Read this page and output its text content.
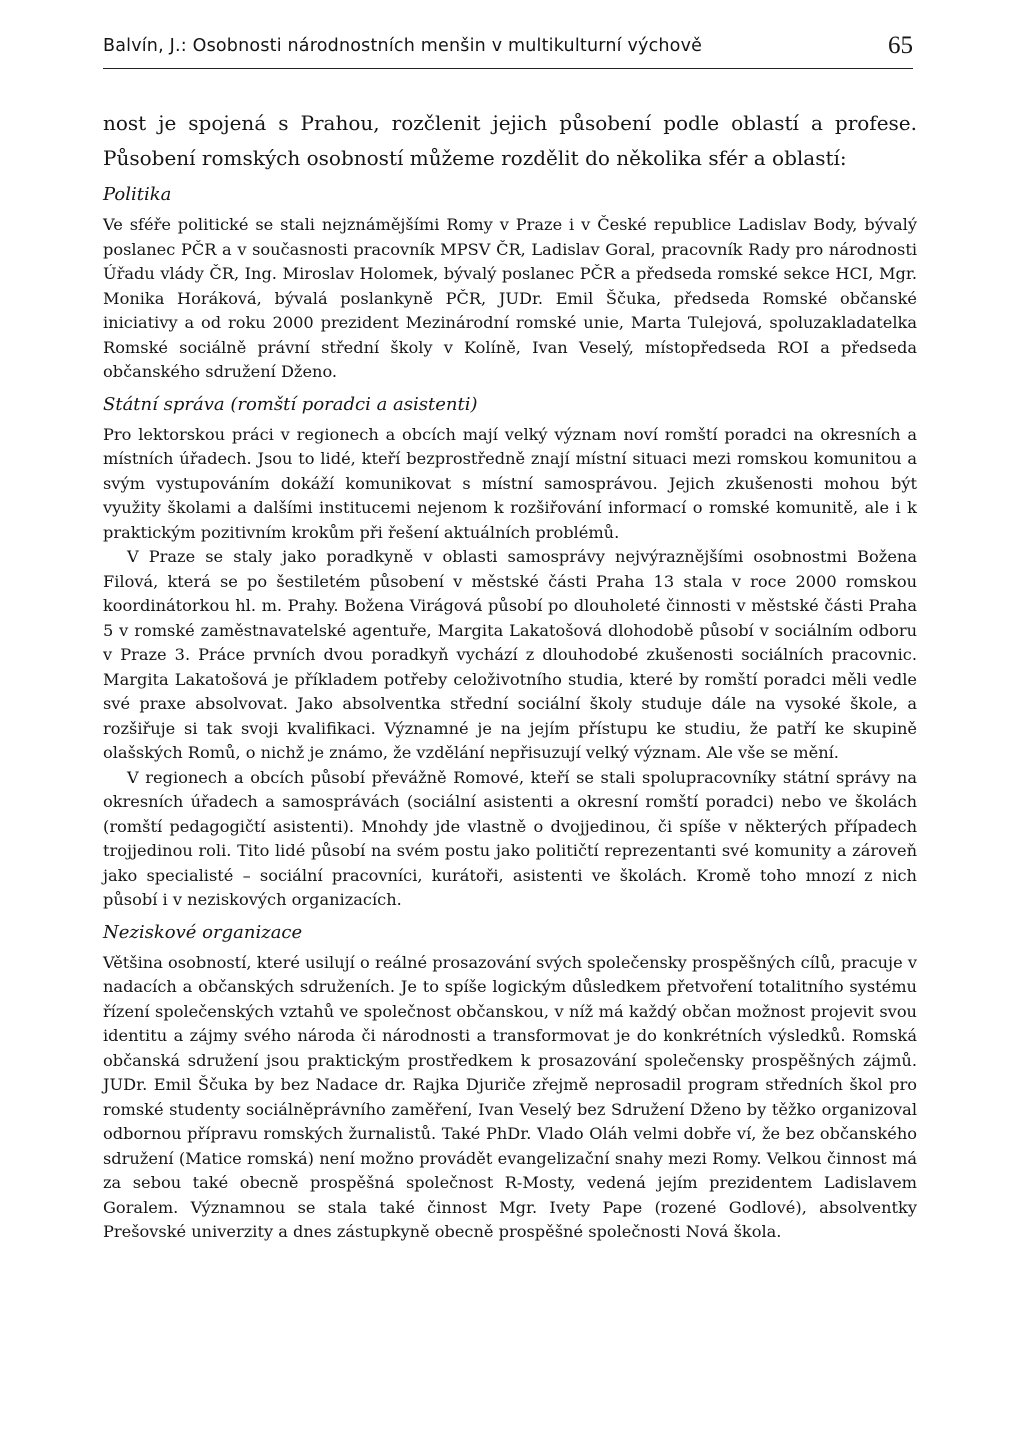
Balvín, J.: Osobnosti národnostních menšin v multikulturní výchově	65

nost je spojená s Prahou, rozčlenit jejich působení podle oblastí a profese. Působení romských osobností můžeme rozdělit do několika sfér a oblastí:

Politika

Ve sféře politické se stali nejznámějšími Romy v Praze i v České republice Ladislav Body, bývalý poslanec PČR a v současnosti pracovník MPSV ČR, Ladislav Goral, pracovník Rady pro národnosti Úřadu vlády ČR, Ing. Miroslav Holomek, bývalý poslanec PČR a předseda romské sekce HCI, Mgr. Monika Horáková, bývalá poslankyně PČR, JUDr. Emil Ščuka, předseda Romské občanské iniciativy a od roku 2000 prezident Mezinárodní romské unie, Marta Tulejová, spoluzakladatelka Romské sociálně právní střední školy v Kolíně, Ivan Veselý, místopředseda ROI a předseda občanského sdružení Dženo.

Státní správa (romští poradci a asistenti)

Pro lektorskou práci v regionech a obcích mají velký význam noví romští poradci na okresních a místních úřadech. Jsou to lidé, kteří bezprostředně znají místní situaci mezi romskou komunitou a svým vystupováním dokáží komunikovat s místní samosprávou. Jejich zkušenosti mohou být využity školami a dalšími institucemi nejenom k rozšiřování informací o romské komunitě, ale i k praktickým pozitivním krokům při řešení aktuálních problémů.

V Praze se staly jako poradkyně v oblasti samosprávy nejvýraznějšími osobnostmi Božena Filová, která se po šestiletém působení v městské části Praha 13 stala v roce 2000 romskou koordinátorkou hl. m. Prahy. Božena Virágová působí po dlouholeté činnosti v městské části Praha 5 v romské zaměstnavatelské agentuře, Margita Lakatošová dlohodobě působí v sociálním odboru v Praze 3. Práce prvních dvou poradkyň vychází z dlouhodobé zkušenosti sociálních pracovnic. Margita Lakatošová je příkladem potřeby celoživotního studia, které by romští poradci měli vedle své praxe absolvovat. Jako absolventka střední sociální školy studuje dále na vysoké škole, a rozšiřuje si tak svoji kvalifikaci. Významné je na jejím přístupu ke studiu, že patří ke skupině olašských Romů, o nichž je známo, že vzdělání nepřisuzují velký význam. Ale vše se mění.

V regionech a obcích působí převážně Romové, kteří se stali spolupracovníky státní správy na okresních úřadech a samosprávách (sociální asistenti a okresní romští poradci) nebo ve školách (romští pedagogičtí asistenti). Mnohdy jde vlastně o dvojjedinou, či spíše v některých případech trojjedinou roli. Tito lidé působí na svém postu jako političtí reprezentanti své komunity a zároveň jako specialisté – sociální pracovníci, kurátoři, asistenti ve školách. Kromě toho mnozí z nich působí i v neziskových organizacích.

Neziskové organizace

Většina osobností, které usilují o reálné prosazování svých společensky prospěšných cílů, pracuje v nadacích a občanských sdruženích. Je to spíše logickým důsledkem přetvoření totalitního systému řízení společenských vztahů ve společnost občanskou, v níž má každý občan možnost projevit svou identitu a zájmy svého národa či národnosti a transformovat je do konkrétních výsledků. Romská občanská sdružení jsou praktickým prostředkem k prosazování společensky prospěšných zájmů. JUDr. Emil Ščuka by bez Nadace dr. Rajka Djuriče zřejmě neprosadil program středních škol pro romské studenty sociálněprávního zaměření, Ivan Veselý bez Sdružení Dženo by těžko organizoval odbornou přípravu romských žurnalistů. Také PhDr. Vlado Oláh velmi dobře ví, že bez občanského sdružení (Matice romská) není možno provádět evangelizační snahy mezi Romy. Velkou činnost má za sebou také obecně prospěšná společnost R-Mosty, vedená jejím prezidentem Ladislavem Goralem. Významnou se stala také činnost Mgr. Ivety Pape (rozené Godlové), absolventky Prešovské univerzity a dnes zástupkyně obecně prospěšné společnosti Nová škola.
